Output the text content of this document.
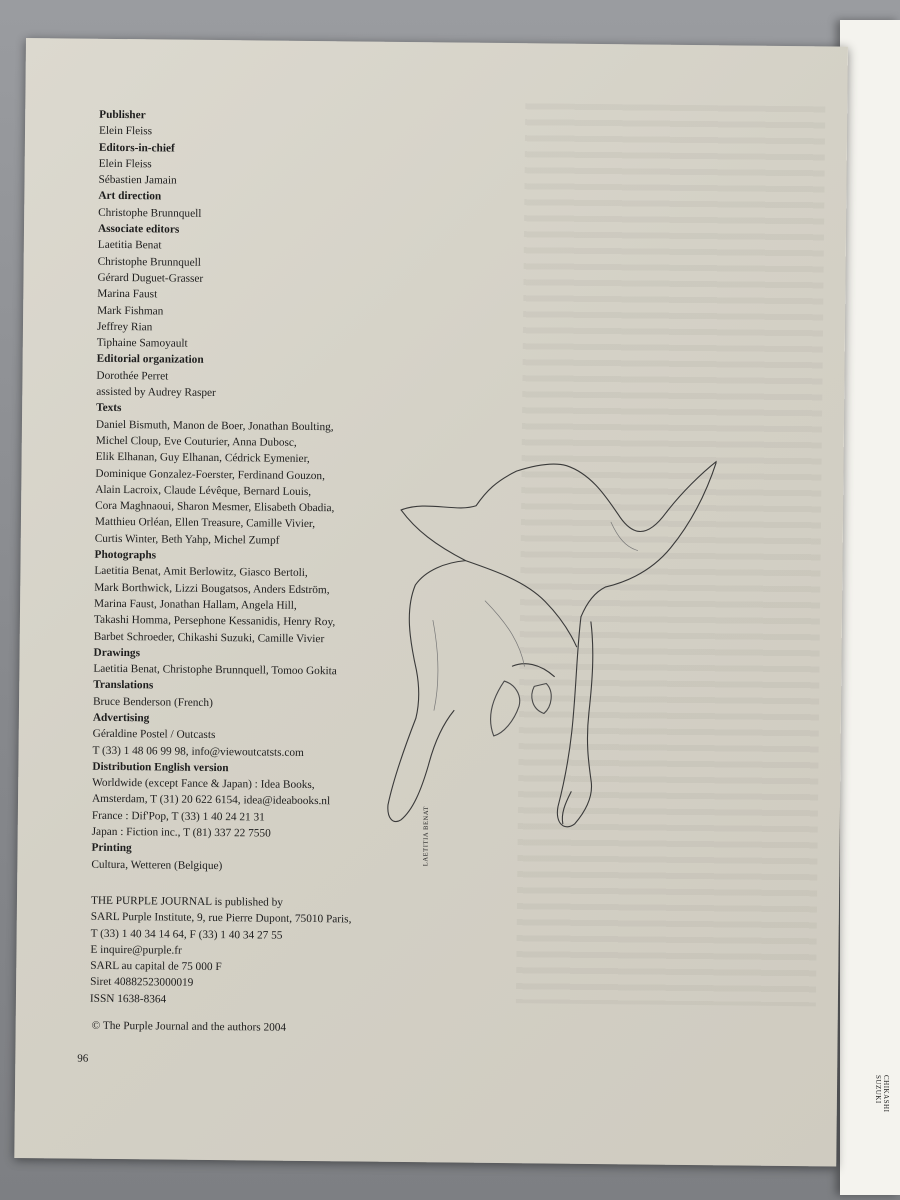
CHIKASHI SUZUKI
Publisher
Elein Fleiss
Editors-in-chief
Elein Fleiss
Sébastien Jamain
Art direction
Christophe Brunnquell
Associate editors
Laetitia Benat
Christophe Brunnquell
Gérard Duguet-Grasser
Marina Faust
Mark Fishman
Jeffrey Rian
Tiphaine Samoyault
Editorial organization
Dorothée Perret
assisted by Audrey Rasper
Texts
Daniel Bismuth, Manon de Boer, Jonathan Boulting,
Michel Cloup, Eve Couturier, Anna Dubosc,
Elik Elhanan, Guy Elhanan, Cédrick Eymenier,
Dominique Gonzalez-Foerster, Ferdinand Gouzon,
Alain Lacroix, Claude Lévêque, Bernard Louis,
Cora Maghnaoui, Sharon Mesmer, Elisabeth Obadia,
Matthieu Orléan, Ellen Treasure, Camille Vivier,
Curtis Winter, Beth Yahp, Michel Zumpf
Photographs
Laetitia Benat, Amit Berlowitz, Giasco Bertoli,
Mark Borthwick, Lizzi Bougatsos, Anders Edström,
Marina Faust, Jonathan Hallam, Angela Hill,
Takashi Homma, Persephone Kessanidis, Henry Roy,
Barbet Schroeder, Chikashi Suzuki, Camille Vivier
Drawings
Laetitia Benat, Christophe Brunnquell, Tomoo Gokita
Translations
Bruce Benderson (French)
Advertising
Géraldine Postel / Outcasts
T (33) 1 48 06 99 98, info@viewoutcatsts.com
Distribution English version
Worldwide (except Fance & Japan) : Idea Books,
Amsterdam, T (31) 20 622 6154, idea@ideabooks.nl
France : Dif'Pop, T (33) 1 40 24 21 31
Japan : Fiction inc., T (81) 337 22 7550
Printing
Cultura, Wetteren (Belgique)	LAETITIA BENAT
THE PURPLE JOURNAL is published by
SARL Purple Institute, 9, rue Pierre Dupont, 75010 Paris,
T (33) 1 40 34 14 64, F (33) 1 40 34 27 55
E inquire@purple.fr
SARL au capital de 75 000 F
Siret 40882523000019
ISSN 1638-8364
© The Purple Journal and the authors 2004
96
